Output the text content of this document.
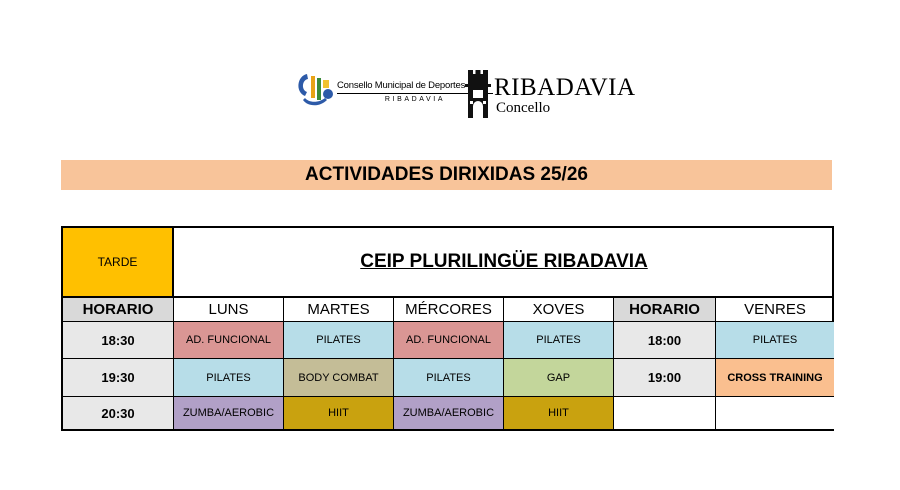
Consello Municipal de Deportes
RIBADAVIA	RIBADAVIA
Concello
ACTIVIDADES DIRIXIDAS 25/26
TARDE	CEIP PLURILINGÜE RIBADAVIA
HORARIO	LUNS	MARTES	MÉRCORES	XOVES	HORARIO	VENRES
18:30	AD. FUNCIONAL	PILATES	AD. FUNCIONAL	PILATES	18:00	PILATES
19:30	PILATES	BODY COMBAT	PILATES	GAP	19:00	CROSS TRAINING
20:30	ZUMBA/AEROBIC	HIIT	ZUMBA/AEROBIC	HIIT
